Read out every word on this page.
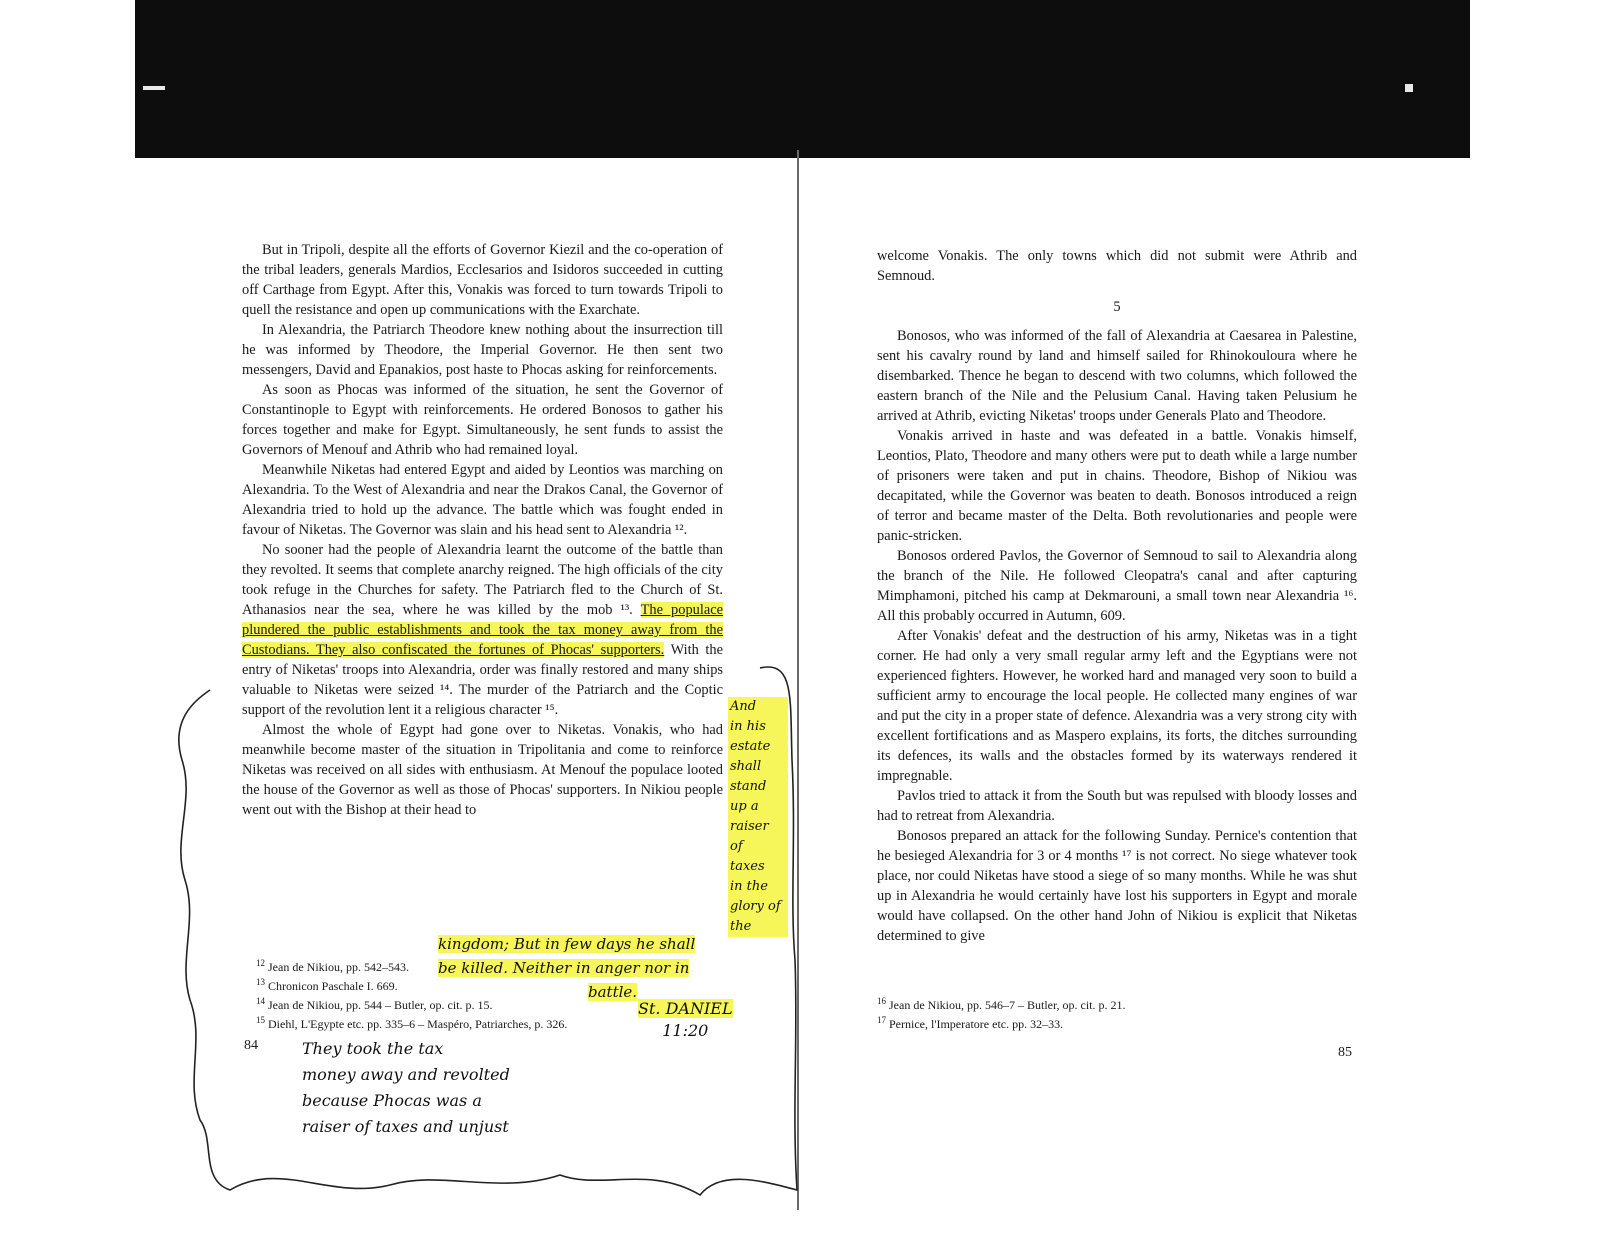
But in Tripoli, despite all the efforts of Governor Kiezil and the co-operation of the tribal leaders, generals Mardios, Ecclesarios and Isidoros succeeded in cutting off Carthage from Egypt. After this, Vonakis was forced to turn towards Tripoli to quell the resistance and open up communications with the Exarchate.

In Alexandria, the Patriarch Theodore knew nothing about the insurrection till he was informed by Theodore, the Imperial Governor. He then sent two messengers, David and Epanakios, post haste to Phocas asking for reinforcements.

As soon as Phocas was informed of the situation, he sent the Governor of Constantinople to Egypt with reinforcements. He ordered Bonosos to gather his forces together and make for Egypt. Simultaneously, he sent funds to assist the Governors of Menouf and Athrib who had remained loyal.

Meanwhile Niketas had entered Egypt and aided by Leontios was marching on Alexandria. To the West of Alexandria and near the Drakos Canal, the Governor of Alexandria tried to hold up the advance. The battle which was fought ended in favour of Niketas. The Governor was slain and his head sent to Alexandria ¹².

No sooner had the people of Alexandria learnt the outcome of the battle than they revolted. It seems that complete anarchy reigned. The high officials of the city took refuge in the Churches for safety. The Patriarch fled to the Church of St. Athanasios near the sea, where he was killed by the mob ¹³. The populace plundered the public establishments and took the tax money away from the Custodians. They also confiscated the fortunes of Phocas' supporters. With the entry of Niketas' troops into Alexandria, order was finally restored and many ships valuable to Niketas were seized ¹⁴. The murder of the Patriarch and the Coptic support of the revolution lent it a religious character ¹⁵.

Almost the whole of Egypt had gone over to Niketas. Vonakis, who had meanwhile become master of the situation in Tripolitania and come to reinforce Niketas was received on all sides with enthusiasm. At Menouf the populace looted the house of the Governor as well as those of Phocas' supporters. In Nikiou people went out with the Bishop at their head to

$^{12}$ Jean de Nikiou, pp. 542–543.
$^{13}$ Chronicon Paschale I. 669.
$^{14}$ Jean de Nikiou, pp. 544 – Butler, op. cit. p. 15.
$^{15}$ Diehl, L'Egypte etc. pp. 335–6 – Maspéro, Patriarches, p. 326.
84

welcome Vonakis. The only towns which did not submit were Athrib and Semnoud.

5

Bonosos, who was informed of the fall of Alexandria at Caesarea in Palestine, sent his cavalry round by land and himself sailed for Rhinokouloura where he disembarked. Thence he began to descend with two columns, which followed the eastern branch of the Nile and the Pelusium Canal. Having taken Pelusium he arrived at Athrib, evicting Niketas' troops under Generals Plato and Theodore.

Vonakis arrived in haste and was defeated in a battle. Vonakis himself, Leontios, Plato, Theodore and many others were put to death while a large number of prisoners were taken and put in chains. Theodore, Bishop of Nikiou was decapitated, while the Governor was beaten to death. Bonosos introduced a reign of terror and became master of the Delta. Both revolutionaries and people were panic-stricken.

Bonosos ordered Pavlos, the Governor of Semnoud to sail to Alexandria along the branch of the Nile. He followed Cleopatra's canal and after capturing Mimphamoni, pitched his camp at Dekmarouni, a small town near Alexandria ¹⁶. All this probably occurred in Autumn, 609.

After Vonakis' defeat and the destruction of his army, Niketas was in a tight corner. He had only a very small regular army left and the Egyptians were not experienced fighters. However, he worked hard and managed very soon to build a sufficient army to encourage the local people. He collected many engines of war and put the city in a proper state of defence. Alexandria was a very strong city with excellent fortifications and as Maspero explains, its forts, the ditches surrounding its defences, its walls and the obstacles formed by its waterways rendered it impregnable.

Pavlos tried to attack it from the South but was repulsed with bloody losses and had to retreat from Alexandria.

Bonosos prepared an attack for the following Sunday. Pernice's contention that he besieged Alexandria for 3 or 4 months ¹⁷ is not correct. No siege whatever took place, nor could Niketas have stood a siege of so many months. While he was shut up in Alexandria he would certainly have lost his supporters in Egypt and morale would have collapsed. On the other hand John of Nikiou is explicit that Niketas determined to give

$^{16}$ Jean de Nikiou, pp. 546–7 – Butler, op. cit. p. 21.
$^{17}$ Pernice, l'Imperatore etc. pp. 32–33.
85
And
in his
estate
shall
stand
up a raiser
of
taxes
in the
glory of
the
kingdom; But in few days he shall
be killed. Neither in anger nor in
battle.
St. DANIEL
11:20
They took the tax
money away and revolted
because Phocas was a
raiser of taxes and unjust
